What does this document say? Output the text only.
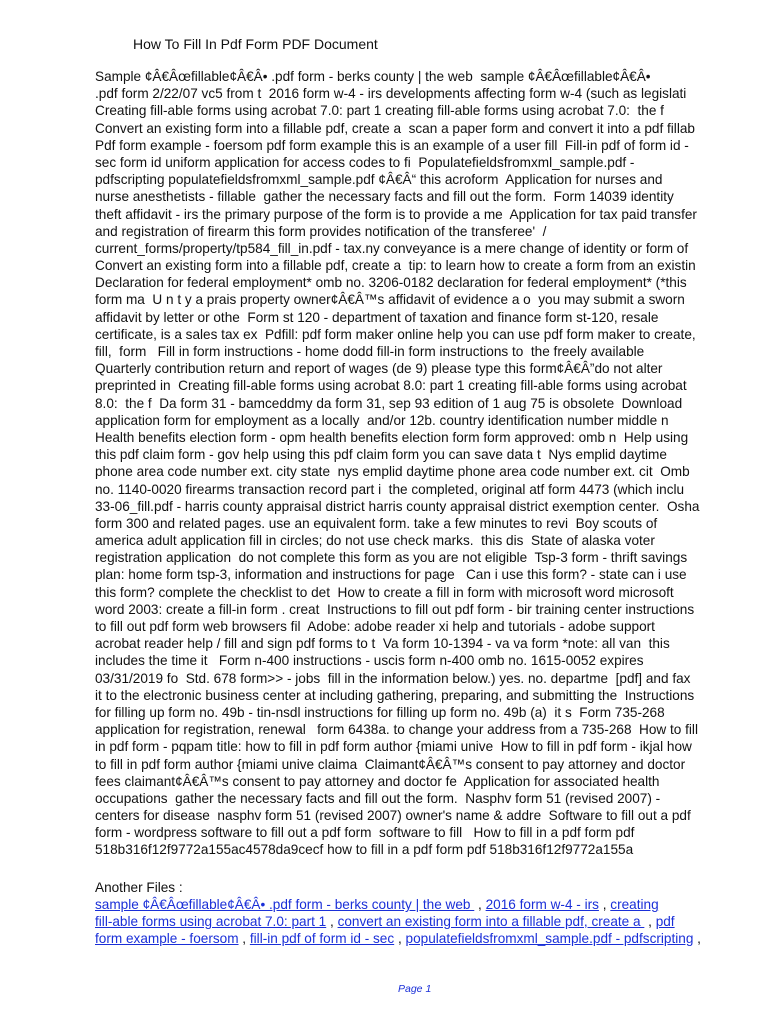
How To Fill In Pdf Form PDF Document
Sample ¢Â€Âœfillable¢Â€Â• .pdf form - berks county | the web  sample ¢Â€Âœfillable¢Â€Â•
.pdf form 2/22/07 vc5 from t  2016 form w-4 - irs developments affecting form w-4 (such as legislati
Creating fill-able forms using acrobat 7.0: part 1 creating fill-able forms using acrobat 7.0:  the f
Convert an existing form into a fillable pdf, create a  scan a paper form and convert it into a pdf fillab
Pdf form example - foersom pdf form example this is an example of a user fill  Fill-in pdf of form id -
sec form id uniform application for access codes to fi  Populatefieldsfromxml_sample.pdf -
pdfscripting populatefieldsfromxml_sample.pdf ¢Â€Â“ this acroform  Application for nurses and
nurse anesthetists - fillable  gather the necessary facts and fill out the form.  Form 14039 identity
theft affidavit - irs the primary purpose of the form is to provide a me  Application for tax paid transfer
and registration of firearm this form provides notification of the transferee'  /
current_forms/property/tp584_fill_in.pdf - tax.ny conveyance is a mere change of identity or form of
Convert an existing form into a fillable pdf, create a  tip: to learn how to create a form from an existin
Declaration for federal employment* omb no. 3206-0182 declaration for federal employment* (*this
form ma  U n t y a prais property owner¢Â€Â™s affidavit of evidence a o  you may submit a sworn
affidavit by letter or othe  Form st 120 - department of taxation and finance form st-120, resale
certificate, is a sales tax ex  Pdfill: pdf form maker online help you can use pdf form maker to create,
fill,  form   Fill in form instructions - home dodd fill-in form instructions to  the freely available
Quarterly contribution return and report of wages (de 9) please type this form¢Â€Â”do not alter
preprinted in  Creating fill-able forms using acrobat 8.0: part 1 creating fill-able forms using acrobat
8.0:  the f  Da form 31 - bamceddmy da form 31, sep 93 edition of 1 aug 75 is obsolete  Download
application form for employment as a locally  and/or 12b. country identification number middle n
Health benefits election form - opm health benefits election form form approved: omb n  Help using
this pdf claim form - gov help using this pdf claim form you can save data t  Nys emplid daytime
phone area code number ext. city state  nys emplid daytime phone area code number ext. cit  Omb
no. 1140-0020 firearms transaction record part i  the completed, original atf form 4473 (which inclu
33-06_fill.pdf - harris county appraisal district harris county appraisal district exemption center.  Osha
form 300 and related pages. use an equivalent form. take a few minutes to revi  Boy scouts of
america adult application fill in circles; do not use check marks.  this dis  State of alaska voter
registration application  do not complete this form as you are not eligible  Tsp-3 form - thrift savings
plan: home form tsp-3, information and instructions for page   Can i use this form? - state can i use
this form? complete the checklist to det  How to create a fill in form with microsoft word microsoft
word 2003: create a fill-in form . creat  Instructions to fill out pdf form - bir training center instructions
to fill out pdf form web browsers fil  Adobe: adobe reader xi help and tutorials - adobe support
acrobat reader help / fill and sign pdf forms to t  Va form 10-1394 - va va form *note: all van  this
includes the time it   Form n-400 instructions - uscis form n-400 omb no. 1615-0052 expires
03/31/2019 fo  Std. 678 form>> - jobs  fill in the information below.) yes. no. departme  [pdf] and fax
it to the electronic business center at including gathering, preparing, and submitting the  Instructions
for filling up form no. 49b - tin-nsdl instructions for filling up form no. 49b (a)  it s  Form 735-268
application for registration, renewal   form 6438a. to change your address from a 735-268  How to fill
in pdf form - pqpam title: how to fill in pdf form author {miami unive  How to fill in pdf form - ikjal how
to fill in pdf form author {miami unive claima  Claimant¢Â€Â™s consent to pay attorney and doctor
fees claimant¢Â€Â™s consent to pay attorney and doctor fe  Application for associated health
occupations  gather the necessary facts and fill out the form.  Nasphv form 51 (revised 2007) -
centers for disease  nasphv form 51 (revised 2007) owner's name & addre  Software to fill out a pdf
form - wordpress software to fill out a pdf form  software to fill   How to fill in a pdf form pdf
518b316f12f9772a155ac4578da9cecf how to fill in a pdf form pdf 518b316f12f9772a155a
Another Files :
sample ¢Â€Âœfillable¢Â€Â• .pdf form - berks county | the web  , 2016 form w-4 - irs , creating
fill-able forms using acrobat 7.0: part 1 , convert an existing form into a fillable pdf, create a  , pdf
form example - foersom , fill-in pdf of form id - sec , populatefieldsfromxml_sample.pdf - pdfscripting ,
Page 1
